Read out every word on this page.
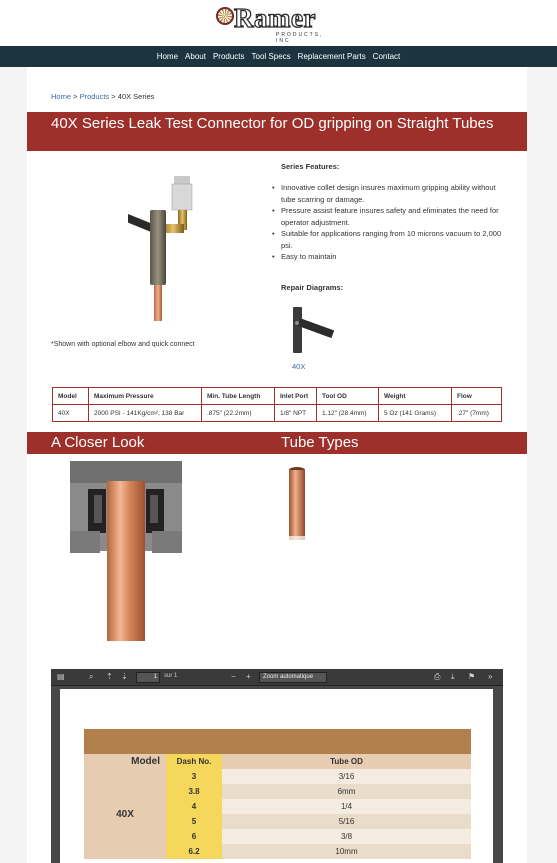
Ramer
PRODUCTS, INC
Home About Products Tool Specs Replacement Parts Contact
Home > Products > 40X Series
40X Series Leak Test Connector for OD gripping on Straight Tubes
*Shown with optional elbow and quick connect
Series Features:
• Innovative collet design insures maximum gripping ability without tube scarring or damage.
• Pressure assist feature insures safety and eliminates the need for operator adjustment.
• Suitable for applications ranging from 10 microns vacuum to 2,000 psi.
• Easy to maintain
Repair Diagrams:
40X
Model	Maximum Pressure	Min. Tube Length	Inlet Port	Tool OD	Weight	Flow
40X	2000 PSI - 141Kg/cm², 138 Bar	.875" (22.2mm)	1/8" NPT	1.12" (28.4mm)	5 Oz (141 Grams)	.27" (7mm)
A Closer Look	Tube Types
▤	⌕ ⇡ ⇣	1	sur 1	− +	Zoom automatique	⎙ ⤓ ⚑ »
Model	Dash No.	Tube OD
40X	3	3/16
	3.8	6mm
	4	1/4
	5	5/16
	6	3/8
	6.2	10mm
